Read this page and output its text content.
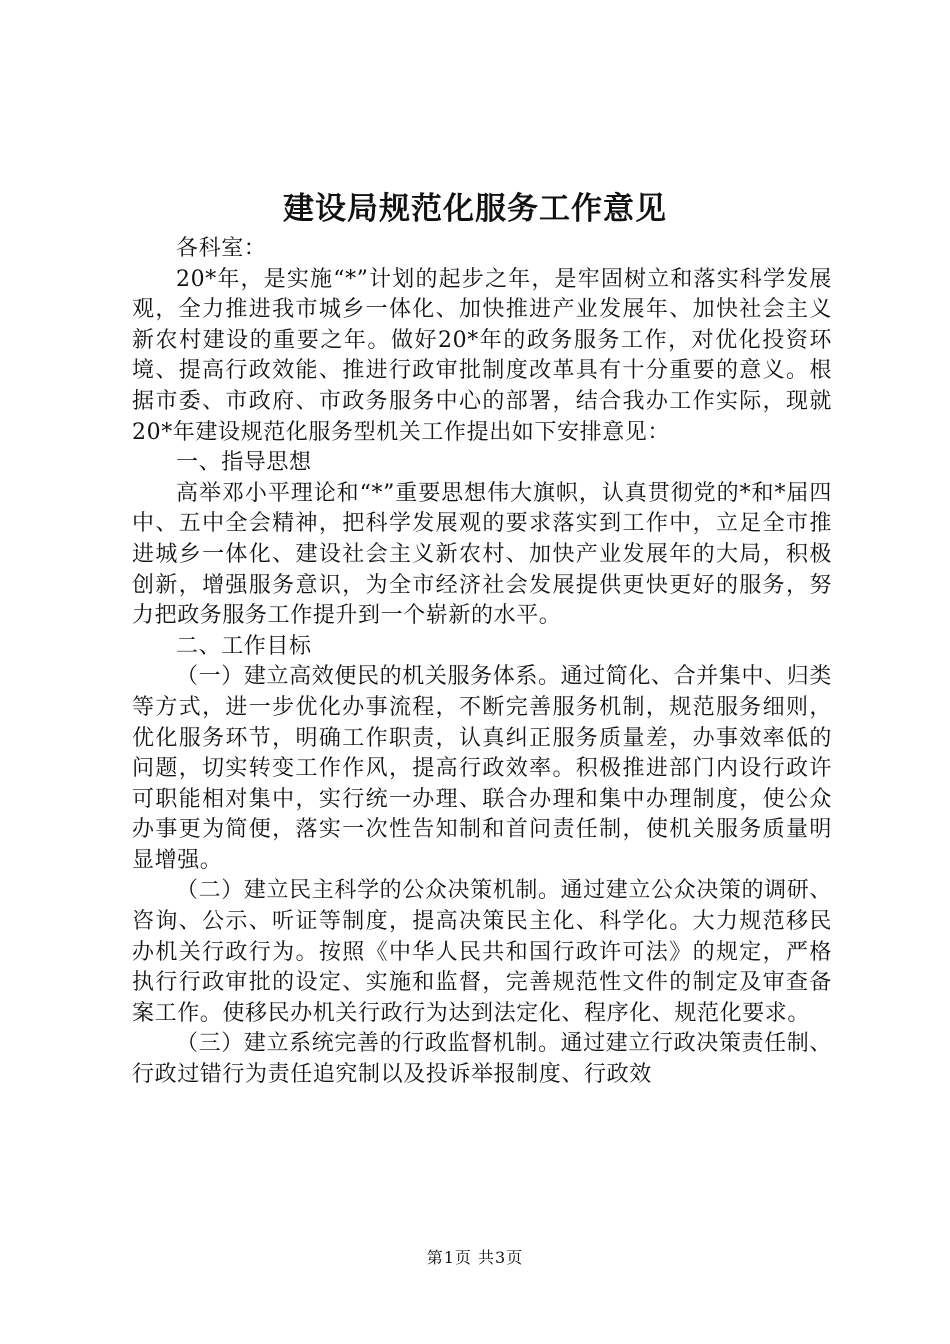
建设局规范化服务工作意见

各科室：

20*年，是实施“*”计划的起步之年，是牢固树立和落实科学发展观，全力推进我市城乡一体化、加快推进产业发展年、加快社会主义新农村建设的重要之年。做好20*年的政务服务工作，对优化投资环境、提高行政效能、推进行政审批制度改革具有十分重要的意义。根据市委、市政府、市政务服务中心的部署，结合我办工作实际，现就20*年建设规范化服务型机关工作提出如下安排意见：

一、指导思想

高举邓小平理论和“*”重要思想伟大旗帜，认真贯彻党的*和*届四中、五中全会精神，把科学发展观的要求落实到工作中，立足全市推进城乡一体化、建设社会主义新农村、加快产业发展年的大局，积极创新，增强服务意识，为全市经济社会发展提供更快更好的服务，努力把政务服务工作提升到一个崭新的水平。

二、工作目标

（一）建立高效便民的机关服务体系。通过简化、合并集中、归类等方式，进一步优化办事流程，不断完善服务机制，规范服务细则，优化服务环节，明确工作职责，认真纠正服务质量差，办事效率低的问题，切实转变工作作风，提高行政效率。积极推进部门内设行政许可职能相对集中，实行统一办理、联合办理和集中办理制度，使公众办事更为简便，落实一次性告知制和首问责任制，使机关服务质量明显增强。

（二）建立民主科学的公众决策机制。通过建立公众决策的调研、咨询、公示、听证等制度，提高决策民主化、科学化。大力规范移民办机关行政行为。按照《中华人民共和国行政许可法》的规定，严格执行行政审批的设定、实施和监督，完善规范性文件的制定及审查备案工作。使移民办机关行政行为达到法定化、程序化、规范化要求。

（三）建立系统完善的行政监督机制。通过建立行政决策责任制、行政过错行为责任追究制以及投诉举报制度、行政效

第1页 共3页
